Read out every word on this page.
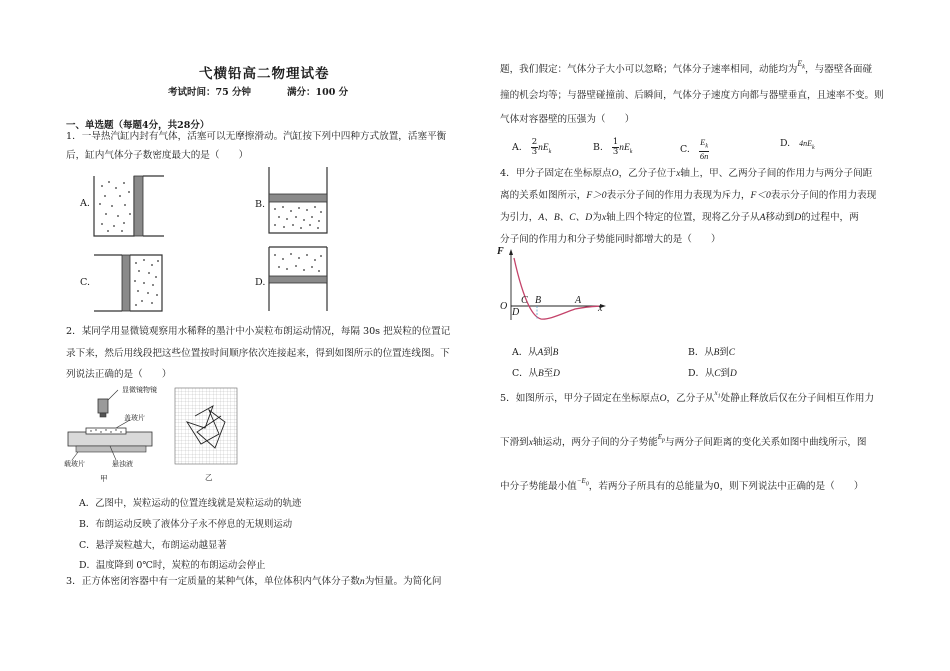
弋横铅高二物理试卷
考试时间：75 分钟	满分：100 分
一、单选题（每题4分，共28分）
1．一导热汽缸内封有气体，活塞可以无摩擦滑动。汽缸按下列中四种方式放置，活塞平衡
后，缸内气体分子数密度最大的是（　　）
A.	B.
C.	D.
2．某同学用显微镜观察用水稀释的墨汁中小炭粒布朗运动情况，每隔 30s 把炭粒的位置记
录下来，然后用线段把这些位置按时间顺序依次连接起来，得到如图所示的位置连线图。下
列说法正确的是（　　）
显微镜物镜
盖玻片
载玻片	悬浊液
甲	乙
A．乙图中，炭粒运动的位置连线就是炭粒运动的轨迹
B．布朗运动反映了液体分子永不停息的无规则运动
C．悬浮炭粒越大，布朗运动越显著
D．温度降到 0℃时，炭粒的布朗运动会停止
3．正方体密闭容器中有一定质量的某种气体，单位体积内气体分子数n为恒量。为简化问
题，我们假定：气体分子大小可以忽略；气体分子速率相同，动能均为$^{E_k}$，与器壁各面碰
撞的机会均等；与器壁碰撞前、后瞬间，气体分子速度方向都与器壁垂直，且速率不变。则
气体对容器壁的压强为（　　）
A. $\frac{2}{3}nE_k$	B. $\frac{1}{3}nE_k$	C. $E_k$
6n
D. $4nE_k$
4．甲分子固定在坐标原点O，乙分子位于x轴上，甲、乙两分子间的作用力与两分子间距
离的关系如图所示，F＞0表示分子间的作用力表现为斥力，F＜0表示分子间的作用力表现
为引力，A、B、C、D为x轴上四个特定的位置，现将乙分子从A移动到D的过程中，两
分子间的作用力和分子势能同时都增大的是（　　）
F
O
C B	A
D	x
A．从A到B	B．从B到C
C．从B至D	D．从C到D
5．如图所示，甲分子固定在坐标原点O，乙分子从$^{x_1}$处静止释放后仅在分子间相互作用力
下滑到x轴运动，两分子间的分子势能$^{E_p}$与两分子间距离的变化关系如图中曲线所示，图
中分子势能最小值$^{-E_0}$，若两分子所具有的总能量为0，则下列说法中正确的是（　　）
